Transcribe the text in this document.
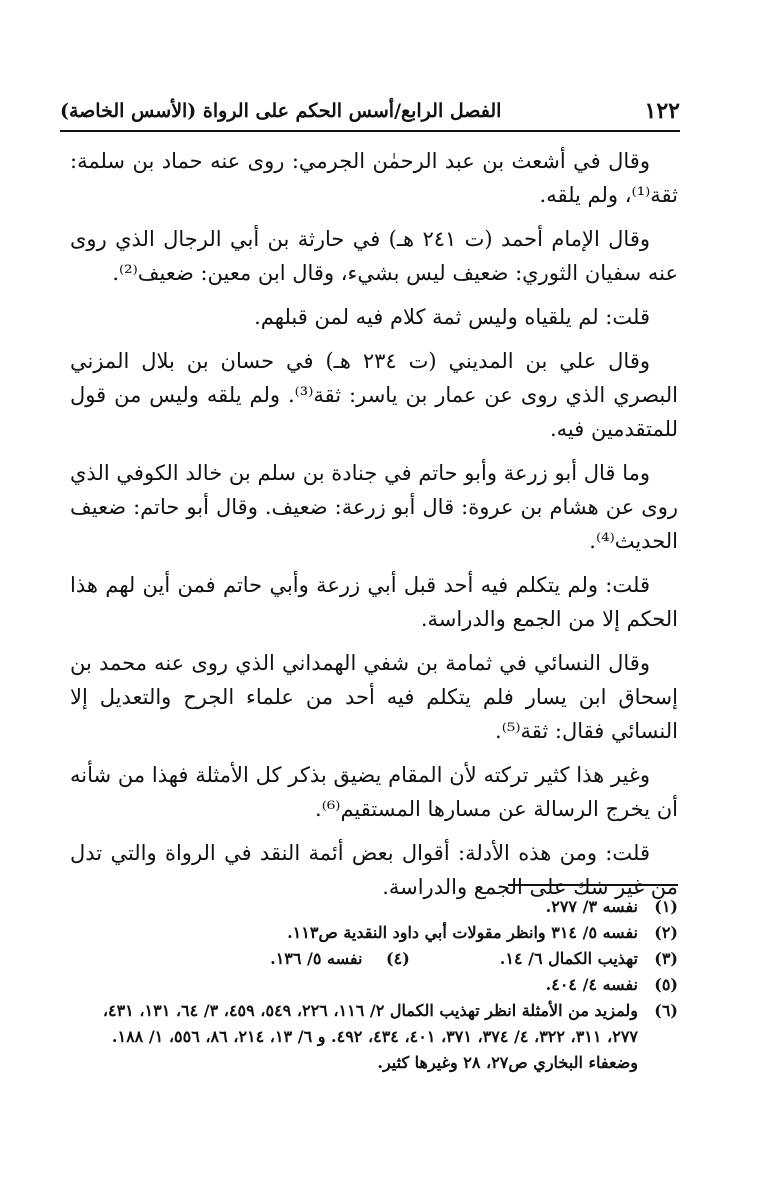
١٢٢
الفصل الرابع/أسس الحكم على الرواة (الأسس الخاصة)

وقال في أشعث بن عبد الرحمٰن الجرمي: روى عنه حماد بن سلمة: ثقة⁽¹⁾، ولم يلقه.

وقال الإمام أحمد (ت ٢٤١ هـ) في حارثة بن أبي الرجال الذي روى عنه سفيان الثوري: ضعيف ليس بشيء، وقال ابن معين: ضعيف⁽²⁾.

قلت: لم يلقياه وليس ثمة كلام فيه لمن قبلهم.

وقال علي بن المديني (ت ٢٣٤ هـ) في حسان بن بلال المزني البصري الذي روى عن عمار بن ياسر: ثقة⁽³⁾. ولم يلقه وليس من قول للمتقدمين فيه.

وما قال أبو زرعة وأبو حاتم في جنادة بن سلم بن خالد الكوفي الذي روى عن هشام بن عروة: قال أبو زرعة: ضعيف. وقال أبو حاتم: ضعيف الحديث⁽⁴⁾.

قلت: ولم يتكلم فيه أحد قبل أبي زرعة وأبي حاتم فمن أين لهم هذا الحكم إلا من الجمع والدراسة.

وقال النسائي في ثمامة بن شفي الهمداني الذي روى عنه محمد بن إسحاق ابن يسار فلم يتكلم فيه أحد من علماء الجرح والتعديل إلا النسائي فقال: ثقة⁽⁵⁾.

وغير هذا كثير تركته لأن المقام يضيق بذكر كل الأمثلة فهذا من شأنه أن يخرج الرسالة عن مسارها المستقيم⁽⁶⁾.

قلت: ومن هذه الأدلة: أقوال بعض أئمة النقد في الرواة والتي تدل من غير شك على الجمع والدراسة.

(١)
نفسه ٣/ ٢٧٧.
(٢)
نفسه ٥/ ٣١٤ وانظر مقولات أبي داود النقدية ص١١٣.
(٣)
تهذيب الكمال ٦/ ١٤.
(٤) نفسه ٥/ ١٣٦.
(٥)
نفسه ٤/ ٤٠٤.
(٦)
ولمزيد من الأمثلة انظر تهذيب الكمال ٢/ ١١٦، ٢٢٦، ٥٤٩، ٤٥٩، ٣/ ٦٤، ١٣١، ٤٣١، ٢٧٧، ٣١١، ٣٢٢، ٤/ ٣٧٤، ٣٧١، ٤٠١، ٤٣٤، ٤٩٢. و ٦/ ١٣، ٢١٤، ٨٦، ٥٥٦، ١/ ١٨٨. وضعفاء البخاري ص٢٧، ٢٨ وغيرها كثير.
